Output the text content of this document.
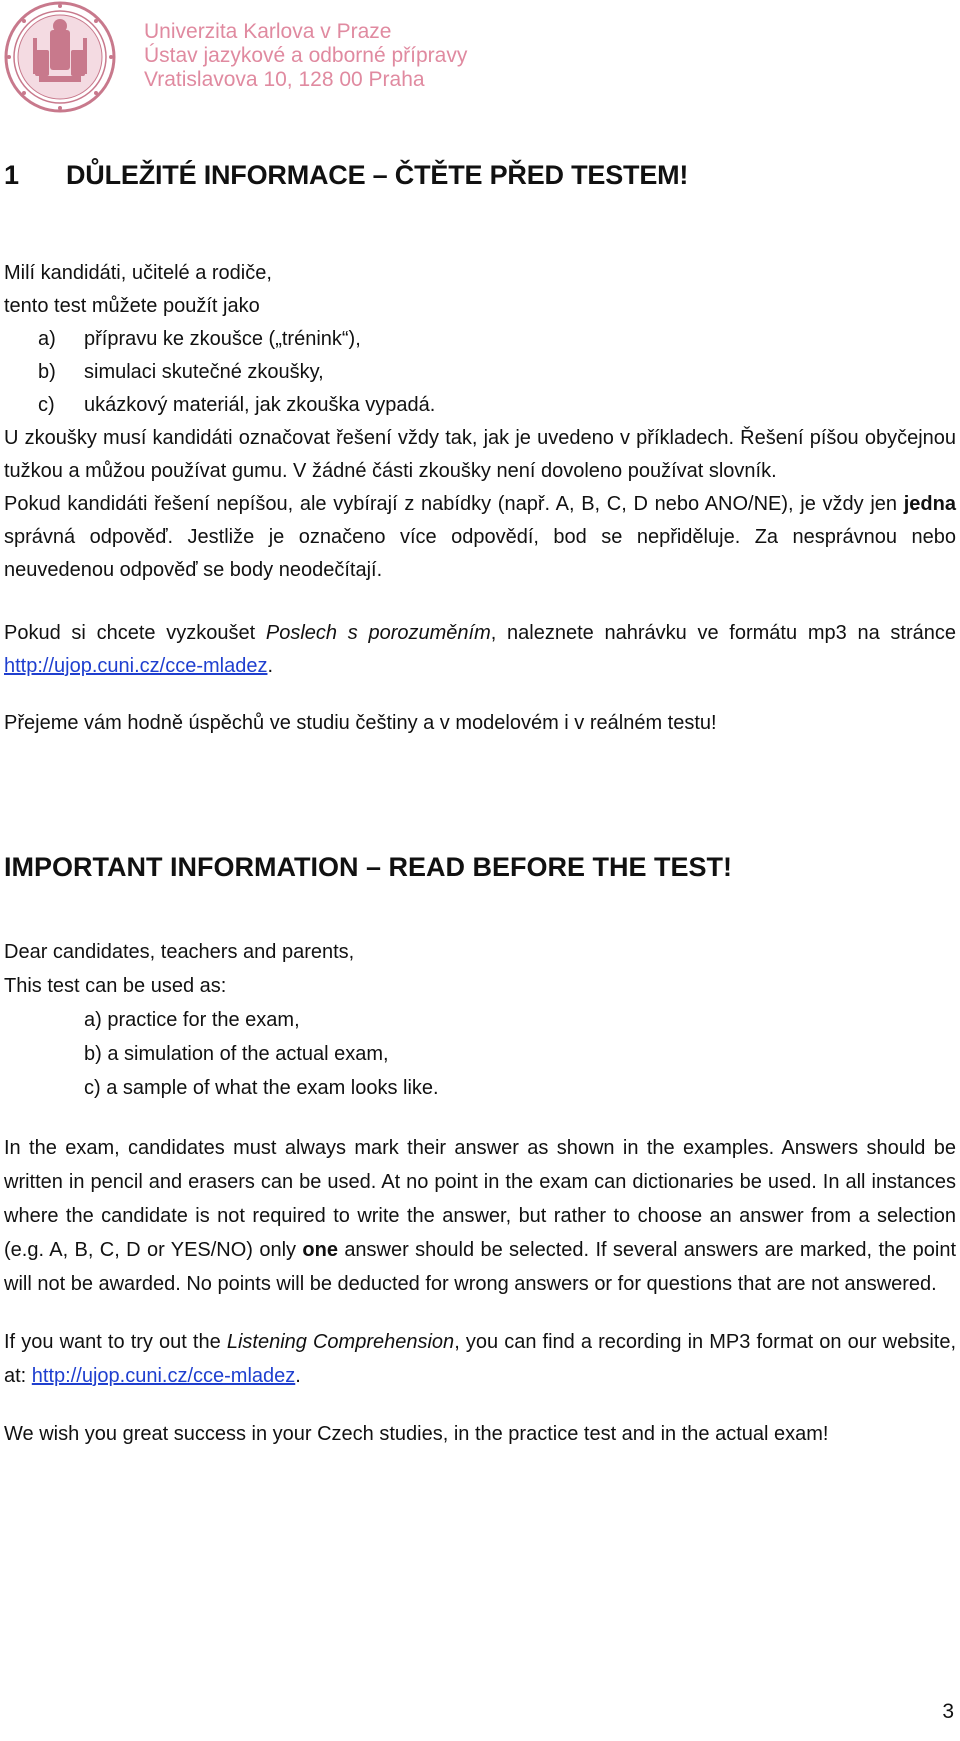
Univerzita Karlova v Praze
Ústav jazykové a odborné přípravy
Vratislavova 10, 128 00 Praha
1 DŮLEŽITÉ INFORMACE – ČTĚTE PŘED TESTEM!
Milí kandidáti, učitelé a rodiče,
tento test můžete použít jako
a)	přípravu ke zkoušce („trénink“),
b)	simulaci skutečné zkoušky,
c)	ukázkový materiál, jak zkouška vypadá.
U zkoušky musí kandidáti označovat řešení vždy tak, jak je uvedeno v příkladech. Řešení píšou obyčejnou tužkou a můžou používat gumu. V žádné části zkoušky není dovoleno používat slovník.
Pokud kandidáti řešení nepíšou, ale vybírají z nabídky (např. A, B, C, D nebo ANO/NE), je vždy jen jedna správná odpověď. Jestliže je označeno více odpovědí, bod se nepřiděluje. Za nesprávnou nebo neuvedenou odpověď se body neodečítají.
Pokud si chcete vyzkoušet Poslech s porozuměním, naleznete nahrávku ve formátu mp3 na stránce http://ujop.cuni.cz/cce-mladez.
Přejeme vám hodně úspěchů ve studiu češtiny a v modelovém i v reálném testu!
IMPORTANT INFORMATION – READ BEFORE THE TEST!
Dear candidates, teachers and parents,
This test can be used as:
a) practice for the exam,
b) a simulation of the actual exam,
c) a sample of what the exam looks like.
In the exam, candidates must always mark their answer as shown in the examples. Answers should be written in pencil and erasers can be used. At no point in the exam can dictionaries be used. In all instances where the candidate is not required to write the answer, but rather to choose an answer from a selection (e.g. A, B, C, D or YES/NO) only one answer should be selected. If several answers are marked, the point will not be awarded. No points will be deducted for wrong answers or for questions that are not answered.
If you want to try out the Listening Comprehension, you can find a recording in MP3 format on our website, at: http://ujop.cuni.cz/cce-mladez.
We wish you great success in your Czech studies, in the practice test and in the actual exam!
3
